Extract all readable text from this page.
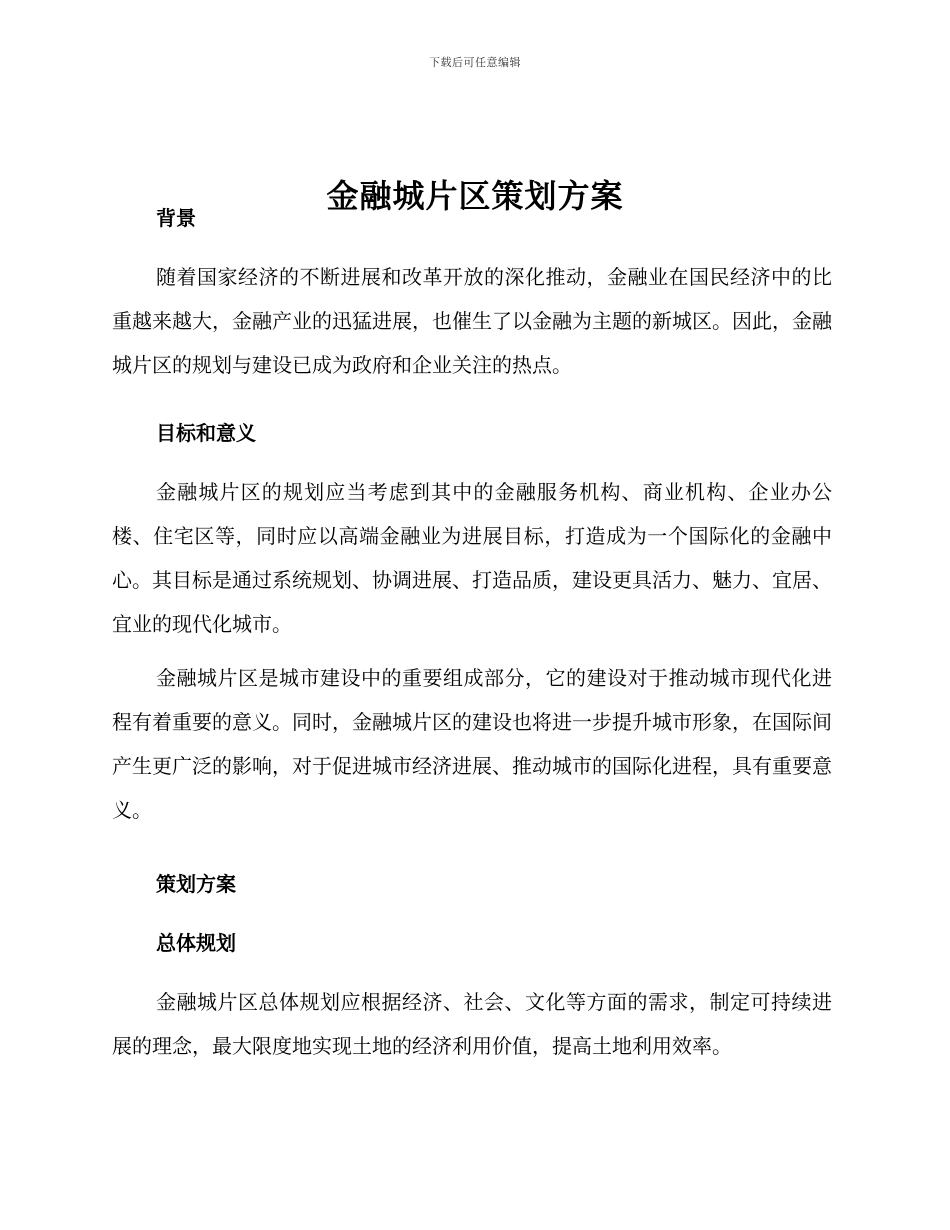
下载后可任意编辑
金融城片区策划方案
背景

随着国家经济的不断进展和改革开放的深化推动，金融业在国民经济中的比重越来越大，金融产业的迅猛进展，也催生了以金融为主题的新城区。因此，金融城片区的规划与建设已成为政府和企业关注的热点。

目标和意义

金融城片区的规划应当考虑到其中的金融服务机构、商业机构、企业办公楼、住宅区等，同时应以高端金融业为进展目标，打造成为一个国际化的金融中心。其目标是通过系统规划、协调进展、打造品质，建设更具活力、魅力、宜居、宜业的现代化城市。

金融城片区是城市建设中的重要组成部分，它的建设对于推动城市现代化进程有着重要的意义。同时，金融城片区的建设也将进一步提升城市形象，在国际间产生更广泛的影响，对于促进城市经济进展、推动城市的国际化进程，具有重要意义。

策划方案
总体规划

金融城片区总体规划应根据经济、社会、文化等方面的需求，制定可持续进展的理念，最大限度地实现土地的经济利用价值，提高土地利用效率。
